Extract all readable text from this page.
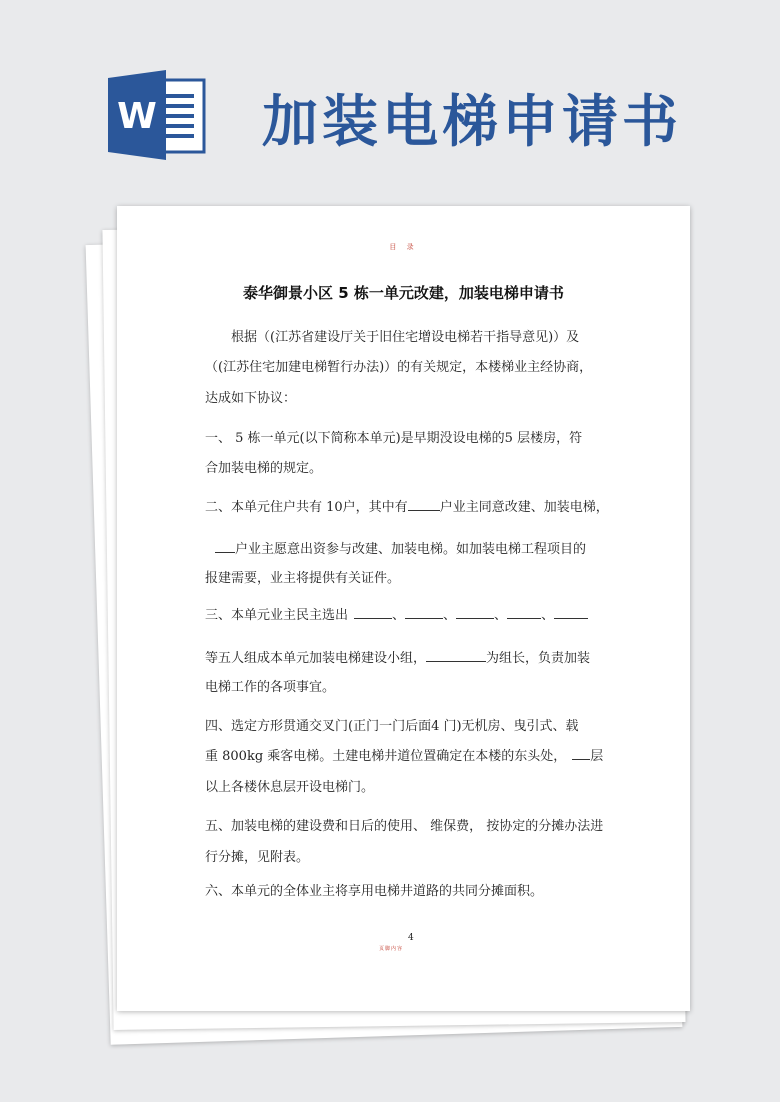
W 加装电梯申请书
目 录
泰华御景小区 5 栋一单元改建，加装电梯申请书
根据（(江苏省建设厅关于旧住宅增设电梯若干指导意见)）及
（(江苏住宅加建电梯暂行办法)）的有关规定，本楼梯业主经协商，
达成如下协议：
一、 5 栋一单元(以下简称本单元)是早期没设电梯的5 层楼房，符
合加装电梯的规定。
二、本单元住户共有 10户，其中有 户业主同意改建、加装电梯，
户业主愿意出资参与改建、加装电梯。如加装电梯工程项目的
报建需要，业主将提供有关证件。
三、本单元业主民主选出	、	、	、	、
等五人组成本单元加装电梯建设小组，	为组长，负责加装
电梯工作的各项事宜。
四、选定方形贯通交叉门(正门一门后面4 门)无机房、曳引式、载
重 800kg 乘客电梯。土建电梯井道位置确定在本楼的东头处， 层
以上各楼休息层开设电梯门。
五、加装电梯的建设费和日后的使用、 维保费， 按协定的分摊办法进
行分摊，见附表。
六、本单元的全体业主将享用电梯井道路的共同分摊面积。
4
页脚内容
